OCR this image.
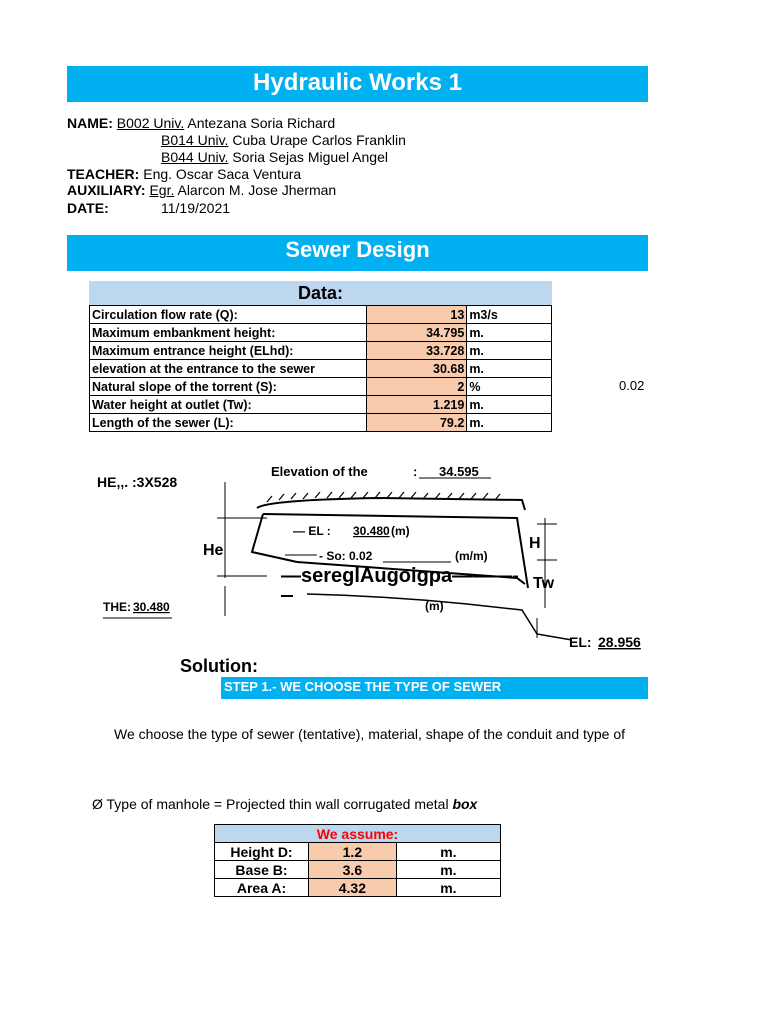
Hydraulic Works 1
NAME: B002 Univ. Antezana Soria Richard
B014 Univ. Cuba Urape Carlos Franklin
B044 Univ. Soria Sejas Miguel Angel
TEACHER: Eng. Oscar Saca Ventura
AUXILIARY: Egr. Alarcon M. Jose Jherman
DATE:	11/19/2021
Sewer Design
Data:
Circulation flow rate (Q):	13	m3/s
Maximum embankment height:	34.795	m.
Maximum entrance height (ELhd):	33.728	m.
elevation at the entrance to the sewer	30.68	m.
Natural slope of the torrent (S):	2	%
Water height at outlet (Tw):	1.219	m.
Length of the sewer (L):	79.2	m.
0.02
Elevation of the	: 34.595
HE,,. :3X528
He
— EL : 30.480 (m)
- So: 0.02	(m/m)
—sereglAugoigpa———-
H
Tw
(m)
THE: 30.480
EL: 28.956
Solution:
STEP 1.- WE CHOOSE THE TYPE OF SEWER
We choose the type of sewer (tentative), material, shape of the conduit and type of
Ø Type of manhole = Projected thin wall corrugated metal box
We assume:		
Height D:	1.2	m.
Base B:	3.6	m.
Area A:	4.32	m.
